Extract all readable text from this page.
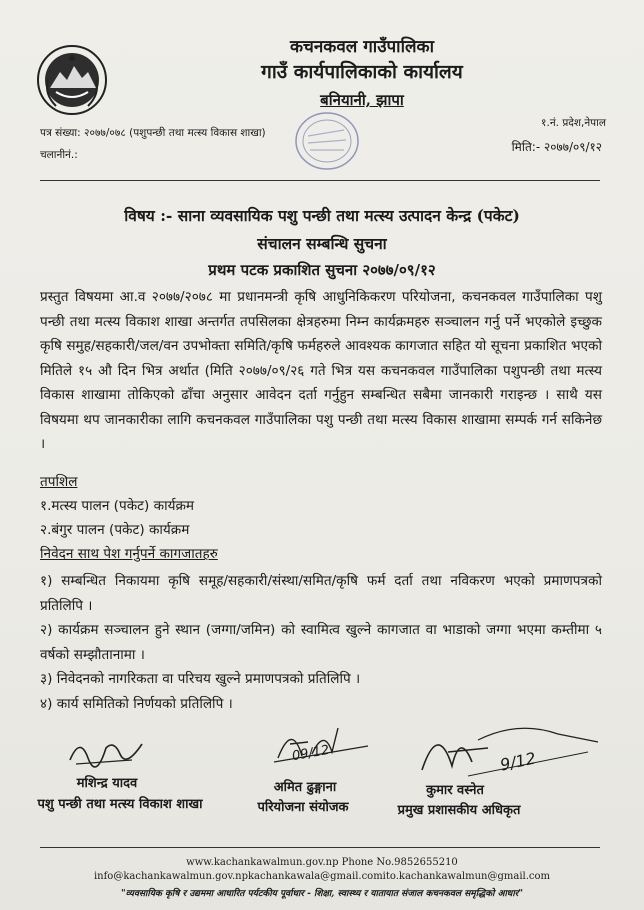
कचनकवल गाउँपालिका
गाउँ कार्यपालिकाको कार्यालय
बनियानी, झापा
पत्र संख्या: २०७७/०७८ (पशुपन्छी तथा मत्स्य विकास शाखा)
चलानीनं.:
१.नं. प्रदेश,नेपाल
मिति:- २०७७/०९/१२
विषय :- साना व्यवसायिक पशु पन्छी तथा मत्स्य उत्पादन केन्द्र (पकेट)
संचालन सम्बन्धि सुचना
प्रथम पटक प्रकाशित सुचना २०७७/०९/१२
प्रस्तुत विषयमा आ.व २०७७/२०७८ मा प्रधानमन्त्री कृषि आधुनिकिकरण परियोजना, कचनकवल गाउँपालिका पशु पन्छी तथा मत्स्य विकाश शाखा अन्तर्गत तपसिलका क्षेत्रहरुमा निम्न कार्यक्रमहरु सञ्चालन गर्नु पर्ने भएकोले इच्छुक कृषि समुह/सहकारी/जल/वन उपभोक्ता समिति/कृषि फर्महरुले आवश्यक कागजात सहित यो सूचना प्रकाशित भएको मितिले १५ औ दिन भित्र अर्थात (मिति २०७७/०९/२६ गते भित्र यस कचनकवल गाउँपालिका पशुपन्छी तथा मत्स्य विकास शाखामा तोकिएको ढाँचा अनुसार आवेदन दर्ता गर्नुहुन सम्बन्धित सबैमा जानकारी गराइन्छ । साथै यस विषयमा थप जानकारीका लागि कचनकवल गाउँपालिका पशु पन्छी तथा मत्स्य विकास शाखामा सम्पर्क गर्न सकिनेछ ।
तपशिल
१.मत्स्य पालन (पकेट) कार्यक्रम
२.बंगुर पालन (पकेट) कार्यक्रम
निवेदन साथ पेश गर्नुपर्ने कागजातहरु
१) सम्बन्धित निकायमा कृषि समूह/सहकारी/संस्था/समित/कृषि फर्म दर्ता तथा नविकरण भएको प्रमाणपत्रको प्रतिलिपि ।
२) कार्यक्रम सञ्चालन हुने स्थान (जग्गा/जमिन) को स्वामित्व खुल्ने कागजात वा भाडाको जग्गा भएमा कम्तीमा ५ वर्षको सम्झौतानामा ।
३) निवेदनको नागरिकता वा परिचय खुल्ने प्रमाणपत्रको प्रतिलिपि ।
४) कार्य समितिको निर्णयको प्रतिलिपि ।
मशिन्द्र यादव
पशु पन्छी तथा मत्स्य विकाश शाखा
09/12
अमित ढुङ्गाना
परियोजना संयोजक
9/12
कुमार वस्नेत
प्रमुख प्रशासकीय अधिकृत
www.kachankawalmun.gov.np Phone No.9852655210
info@kachankawalmun.gov.npkachankawala@gmail.comito.kachankawalmun@gmail.com
"व्यवसायिक कृषि र उद्यममा आधारित पर्यटकीय पूर्वाधार - शिक्षा, स्वास्थ्य र यातायात संजाल कचनकवल समृद्धिको आधार"
